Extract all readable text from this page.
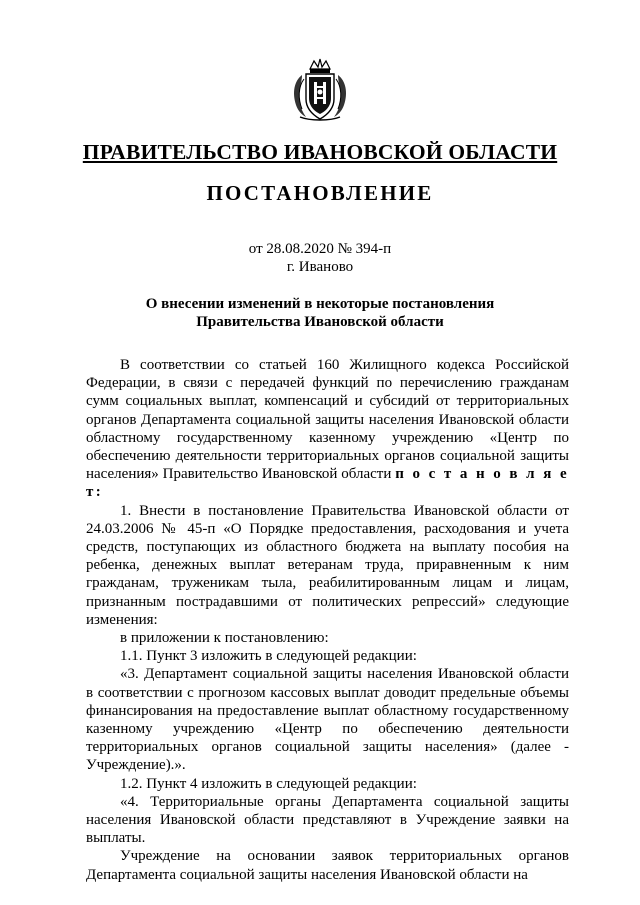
ПРАВИТЕЛЬСТВО ИВАНОВСКОЙ ОБЛАСТИ
ПОСТАНОВЛЕНИЕ
от 28.08.2020 № 394-п
г. Иваново
О внесении изменений в некоторые постановления
Правительства Ивановской области

В соответствии со статьей 160 Жилищного кодекса Российской Федерации, в связи с передачей функций по перечислению гражданам сумм социальных выплат, компенсаций и субсидий от территориальных органов Департамента социальной защиты населения Ивановской области областному государственному казенному учреждению «Центр по обеспечению деятельности территориальных органов социальной защиты населения» Правительство Ивановской области п о с т а н о в л я е т:

1. Внести в постановление Правительства Ивановской области от 24.03.2006 № 45-п «О Порядке предоставления, расходования и учета средств, поступающих из областного бюджета на выплату пособия на ребенка, денежных выплат ветеранам труда, приравненным к ним гражданам, труженикам тыла, реабилитированным лицам и лицам, признанным пострадавшими от политических репрессий» следующие изменения:

в приложении к постановлению:

1.1. Пункт 3 изложить в следующей редакции:

«3. Департамент социальной защиты населения Ивановской области в соответствии с прогнозом кассовых выплат доводит предельные объемы финансирования на предоставление выплат областному государственному казенному учреждению «Центр по обеспечению деятельности территориальных органов социальной защиты населения» (далее - Учреждение).».

1.2. Пункт 4 изложить в следующей редакции:

«4. Территориальные органы Департамента социальной защиты населения Ивановской области представляют в Учреждение заявки на выплаты.

Учреждение на основании заявок территориальных органов Департамента социальной защиты населения Ивановской области на
